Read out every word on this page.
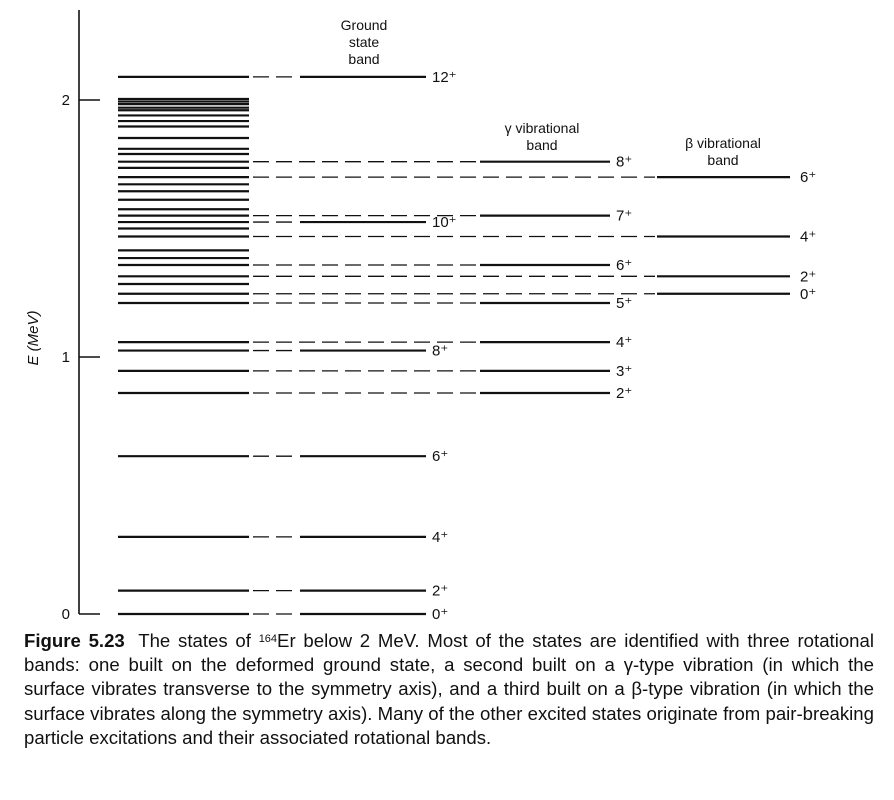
E (MeV)
0
1
2
0⁺
2⁺
4⁺
6⁺
8⁺
10⁺
12⁺
2⁺
3⁺
4⁺
5⁺
6⁺
7⁺
8⁺
0⁺
2⁺
4⁺
6⁺
Ground
state
band
γ vibrational
band	β vibrational
band
Figure 5.23 The states of $^{164}$Er below 2 MeV. Most of the states are identified with three rotational bands: one built on the deformed ground state, a second built on a γ-type vibration (in which the surface vibrates transverse to the symmetry axis), and a third built on a β-type vibration (in which the surface vibrates along the symmetry axis). Many of the other excited states originate from pair-breaking particle excitations and their associated rotational bands.
